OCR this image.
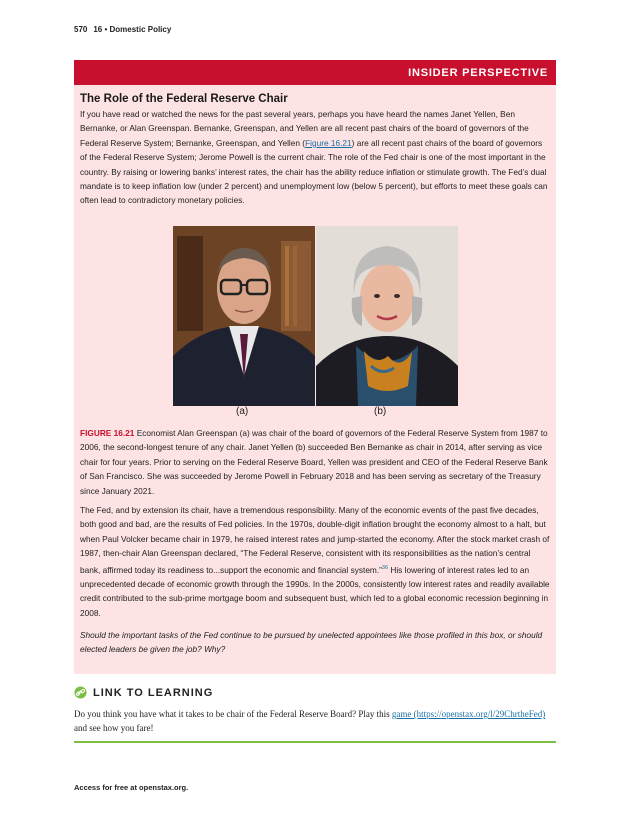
570 16 • Domestic Policy
INSIDER PERSPECTIVE
The Role of the Federal Reserve Chair

If you have read or watched the news for the past several years, perhaps you have heard the names Janet Yellen, Ben Bernanke, or Alan Greenspan. Bernanke, Greenspan, and Yellen are all recent past chairs of the board of governors of the Federal Reserve System; Bernanke, Greenspan, and Yellen (Figure 16.21) are all recent past chairs of the board of governors of the Federal Reserve System; Jerome Powell is the current chair. The role of the Fed chair is one of the most important in the country. By raising or lowering banks’ interest rates, the chair has the ability reduce inflation or stimulate growth. The Fed’s dual mandate is to keep inflation low (under 2 percent) and unemployment low (below 5 percent), but efforts to meet these goals can often lead to contradictory monetary policies.

(a)	(b)
FIGURE 16.21 Economist Alan Greenspan (a) was chair of the board of governors of the Federal Reserve System from 1987 to 2006, the second-longest tenure of any chair. Janet Yellen (b) succeeded Ben Bernanke as chair in 2014, after serving as vice chair for four years. Prior to serving on the Federal Reserve Board, Yellen was president and CEO of the Federal Reserve Bank of San Francisco. She was succeeded by Jerome Powell in February 2018 and has been serving as secretary of the Treasury since January 2021.

The Fed, and by extension its chair, have a tremendous responsibility. Many of the economic events of the past five decades, both good and bad, are the results of Fed policies. In the 1970s, double-digit inflation brought the economy almost to a halt, but when Paul Volcker became chair in 1979, he raised interest rates and jump-started the economy. After the stock market crash of 1987, then-chair Alan Greenspan declared, “The Federal Reserve, consistent with its responsibilities as the nation’s central bank, affirmed today its readiness to...support the economic and financial system.”$^{36}$ His lowering of interest rates led to an unprecedented decade of economic growth through the 1990s. In the 2000s, consistently low interest rates and readily available credit contributed to the sub-prime mortgage boom and subsequent bust, which led to a global economic recession beginning in 2008.

Should the important tasks of the Fed continue to be pursued by unelected appointees like those profiled in this box, or should elected leaders be given the job? Why?

LINK TO LEARNING
Do you think you have what it takes to be chair of the Federal Reserve Board? Play this game (https://openstax.org/l/29ChrtheFed) and see how you fare!
Access for free at openstax.org.
